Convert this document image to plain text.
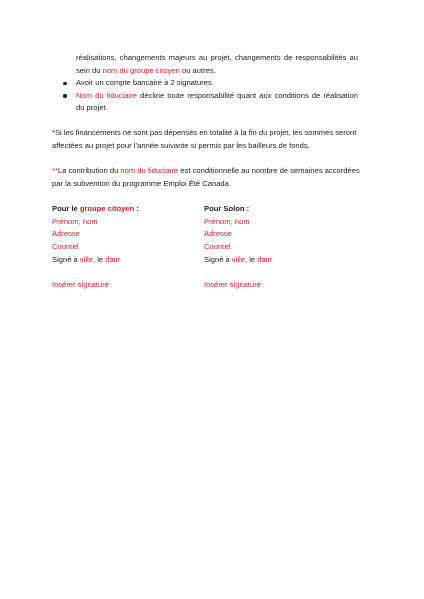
réalisations, changements majeurs au projet, changements de responsabilités au sein du nom du groupe citoyen ou autres.
Avoir un compte bancaire à 2 signatures
Nom du fiduciaire décline toute responsabilité quant aux conditions de réalisation du projet.
*Si les financements ne sont pas dépensés en totalité à la fin du projet, les sommes seront affectées au projet pour l’année suivante si permis par les bailleurs de fonds.
**La contribution du nom du fiduciaire est conditionnelle au nombre de semaines accordées par la subvention du programme Emploi Été Canada.
Pour le groupe citoyen :
Prénom, nom
Adresse
Courriel
Signé à ville, le date
Insérer signature
Pour Solon :
Prénom, nom
Adresse
Courriel
Signé à ville, le date
Insérer signature
